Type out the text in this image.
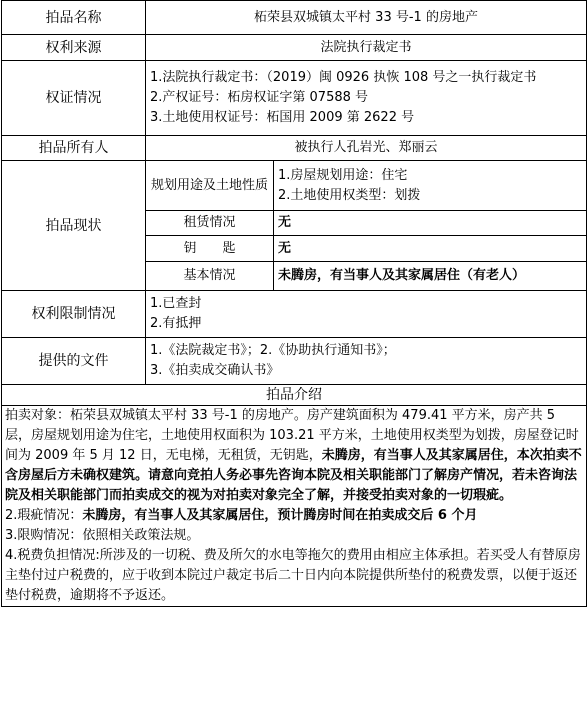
拍品名称	柘荣县双城镇太平村 33 号-1 的房地产	
权利来源	法院执行裁定书	
权证情况	1.法院执行裁定书：（2019）闽 0926 执恢 108 号之一执行裁定书
2.产权证号：柘房权证字第 07588 号
3.土地使用权证号：柘国用 2009 第 2622 号	

拍品所有人	被执行人孔岩光、郑丽云	
拍品现状	规划用途及土地性质	1.房屋规划用途：住宅
2.土地使用权类型：划拨

	租赁情况	无
	钥　　匙	无
	基本情况	未腾房，有当事人及其家属居住（有老人）
权利限制情况	1.已查封
2.有抵押	

提供的文件	1.《法院裁定书》；2.《协助执行通知书》；
3.《拍卖成交确认书》	

拍品介绍		

拍卖对象：柘荣县双城镇太平村 33 号-1 的房地产。房产建筑面积为 479.41 平方米，房产共 5 层，房屋规划用途为住宅，土地使用权面积为 103.21 平方米，土地使用权类型为划拨，房屋登记时间为 2009 年 5 月 12 日，无电梯，无租赁，无钥匙，未腾房，有当事人及其家属居住，本次拍卖不含房屋后方未确权建筑。请意向竞拍人务必事先咨询本院及相关职能部门了解房产情况，若未咨询法院及相关职能部门而拍卖成交的视为对拍卖对象完全了解，并接受拍卖对象的一切瑕疵。

2.瑕疵情况：未腾房，有当事人及其家属居住，预计腾房时间在拍卖成交后 6 个月

3.限购情况：依照相关政策法规。

4.税费负担情况:所涉及的一切税、费及所欠的水电等拖欠的费用由相应主体承担。若买受人有替原房主垫付过户税费的，应于收到本院过户裁定书后二十日内向本院提供所垫付的税费发票，以便于返还垫付税费，逾期将不予返还。		
